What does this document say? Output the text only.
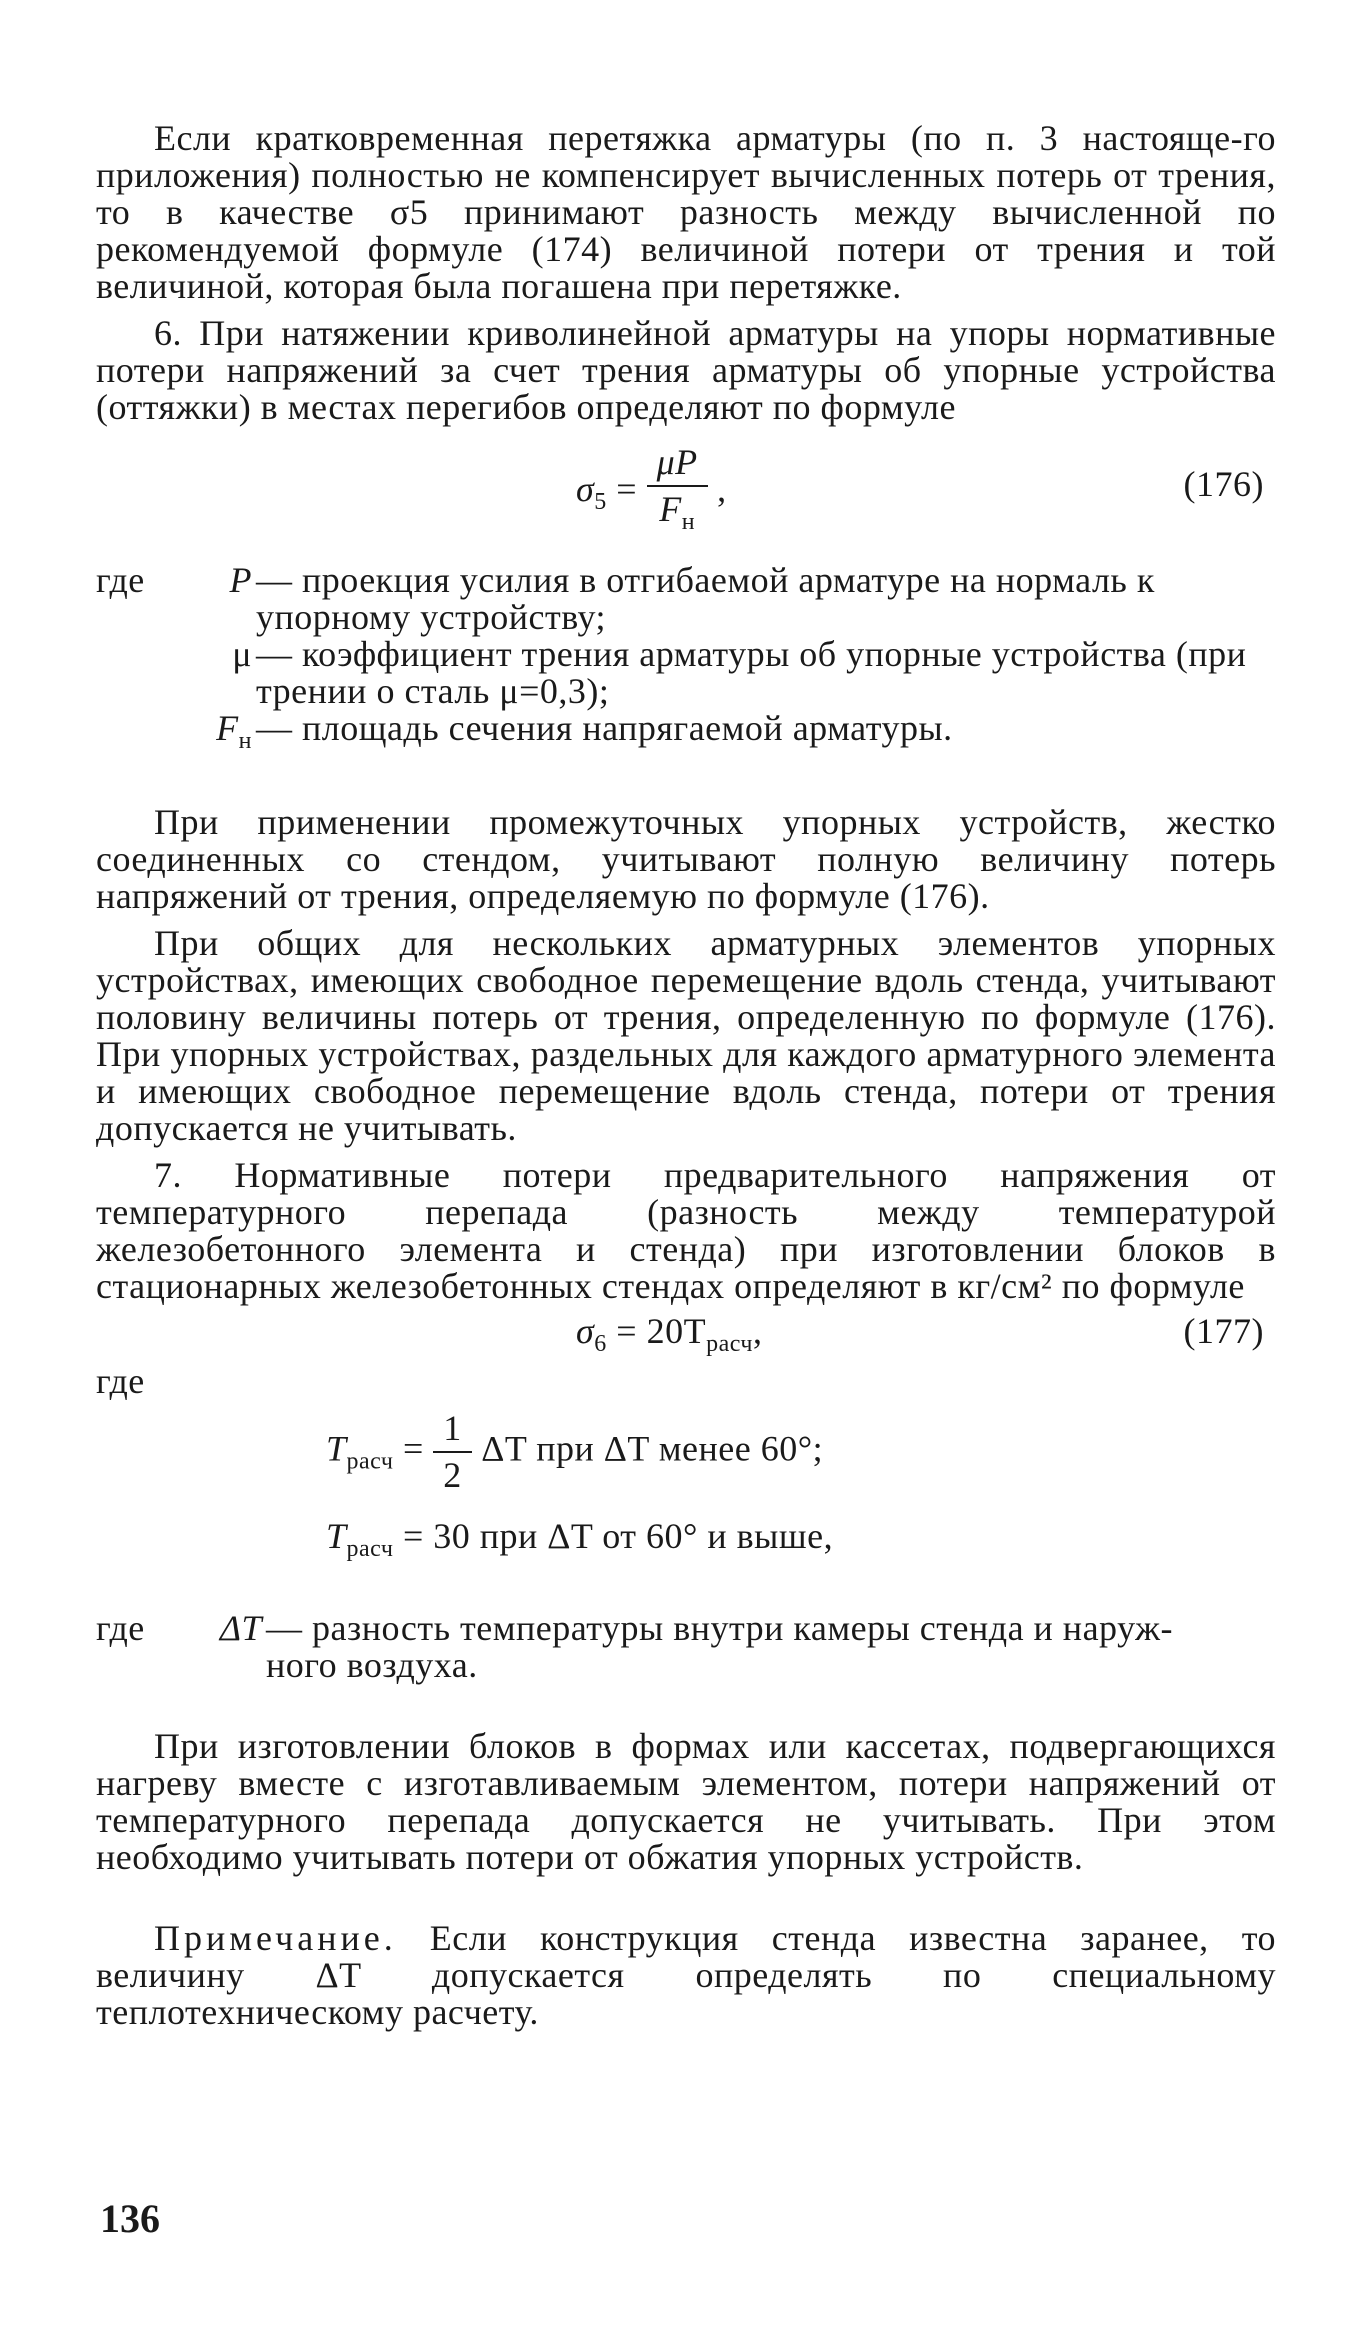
Если кратковременная перетяжка арматуры (по п. 3 настояще-го приложения) полностью не компенсирует вычисленных потерь от трения, то в качестве σ5 принимают разность между вычисленной по рекомендуемой формуле (174) величиной потери от трения и той величиной, которая была погашена при перетяжке.

6. При натяжении криволинейной арматуры на упоры нормативные потери напряжений за счет трения арматуры об упорные устройства (оттяжки) в местах перегибов определяют по формуле

$\sigma_5 = \frac{\mu P}{F_н}$ ,	(176)
где	P — проекция усилия в отгибаемой арматуре на нормаль к
упорному устройству;
μ — коэффициент трения арматуры об упорные устройства (при
трении о сталь μ=0,3);
$F_н$ — площадь сечения напрягаемой арматуры.

При применении промежуточных упорных устройств, жестко соединенных со стендом, учитывают полную величину потерь напряжений от трения, определяемую по формуле (176).

При общих для нескольких арматурных элементов упорных устройствах, имеющих свободное перемещение вдоль стенда, учитывают половину величины потерь от трения, определенную по формуле (176). При упорных устройствах, раздельных для каждого арматурного элемента и имеющих свободное перемещение вдоль стенда, потери от трения допускается не учитывать.

7. Нормативные потери предварительного напряжения от температурного перепада (разность между температурой железобетонного элемента и стенда) при изготовлении блоков в стационарных железобетонных стендах определяют в кг/см² по формуле

$\sigma_6 = 20T_{расч}$,	(177)
где
$T_{расч} = \frac{1}{2}$ ΔT при ΔT менее 60°;
$T_{расч} = 30$ при ΔT от 60° и выше,
где	ΔT — разность температуры внутри камеры стенда и наруж-
ного воздуха.

При изготовлении блоков в формах или кассетах, подвергающихся нагреву вместе с изготавливаемым элементом, потери напряжений от температурного перепада допускается не учитывать. При этом необходимо учитывать потери от обжатия упорных устройств.

Примечание. Если конструкция стенда известна заранее, то величину ΔT допускается определять по специальному теплотехническому расчету.

136
